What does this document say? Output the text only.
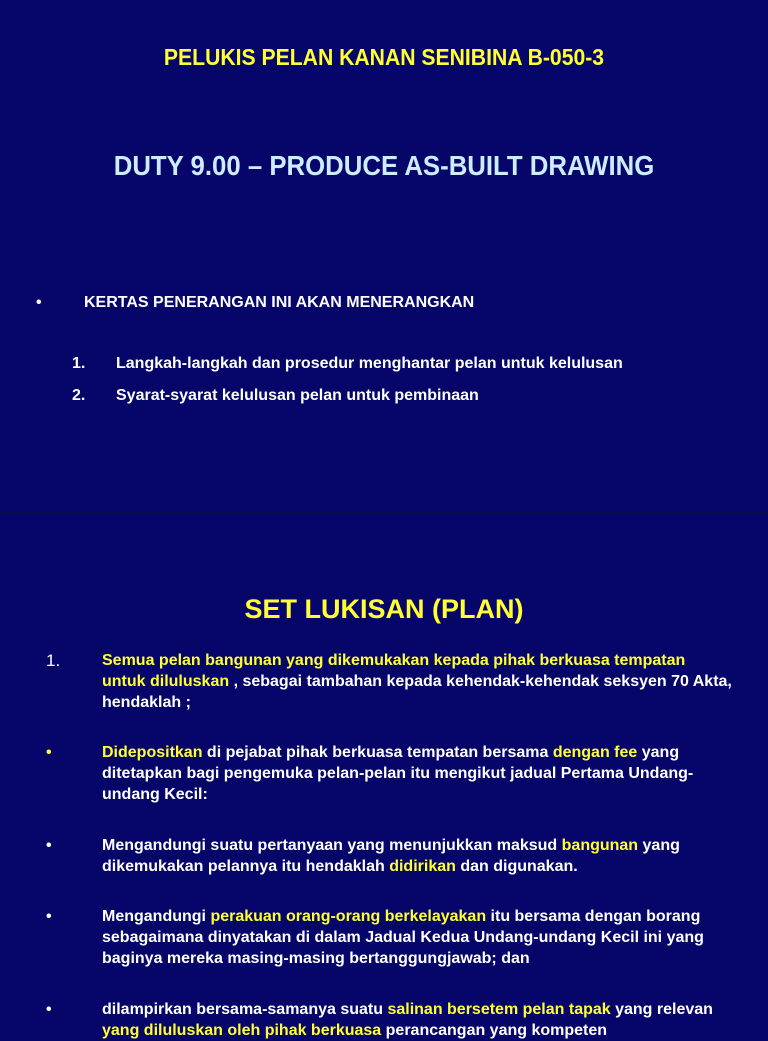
PELUKIS PELAN KANAN SENIBINA B-050-3
DUTY 9.00 – PRODUCE AS-BUILT DRAWING
•	KERTAS PENERANGAN INI AKAN MENERANGKAN
1. Langkah-langkah dan prosedur menghantar pelan untuk kelulusan
2. Syarat-syarat kelulusan pelan untuk pembinaan
SET LUKISAN (PLAN)
1.	Semua pelan bangunan yang dikemukakan kepada pihak berkuasa tempatan untuk diluluskan , sebagai tambahan kepada kehendak-kehendak seksyen 70 Akta, hendaklah ;
•	Didepositkan di pejabat pihak berkuasa tempatan bersama dengan fee yang ditetapkan bagi pengemuka pelan-pelan itu mengikut jadual Pertama Undang-undang Kecil:
•	Mengandungi suatu pertanyaan yang menunjukkan maksud bangunan yang dikemukakan pelannya itu hendaklah didirikan dan digunakan.
•	Mengandungi perakuan orang-orang berkelayakan itu bersama dengan borang sebagaimana dinyatakan di dalam Jadual Kedua Undang-undang Kecil ini yang baginya mereka masing-masing bertanggungjawab; dan
•	dilampirkan bersama-samanya suatu salinan bersetem pelan tapak yang relevan yang diluluskan oleh pihak berkuasa perancangan yang kompeten
